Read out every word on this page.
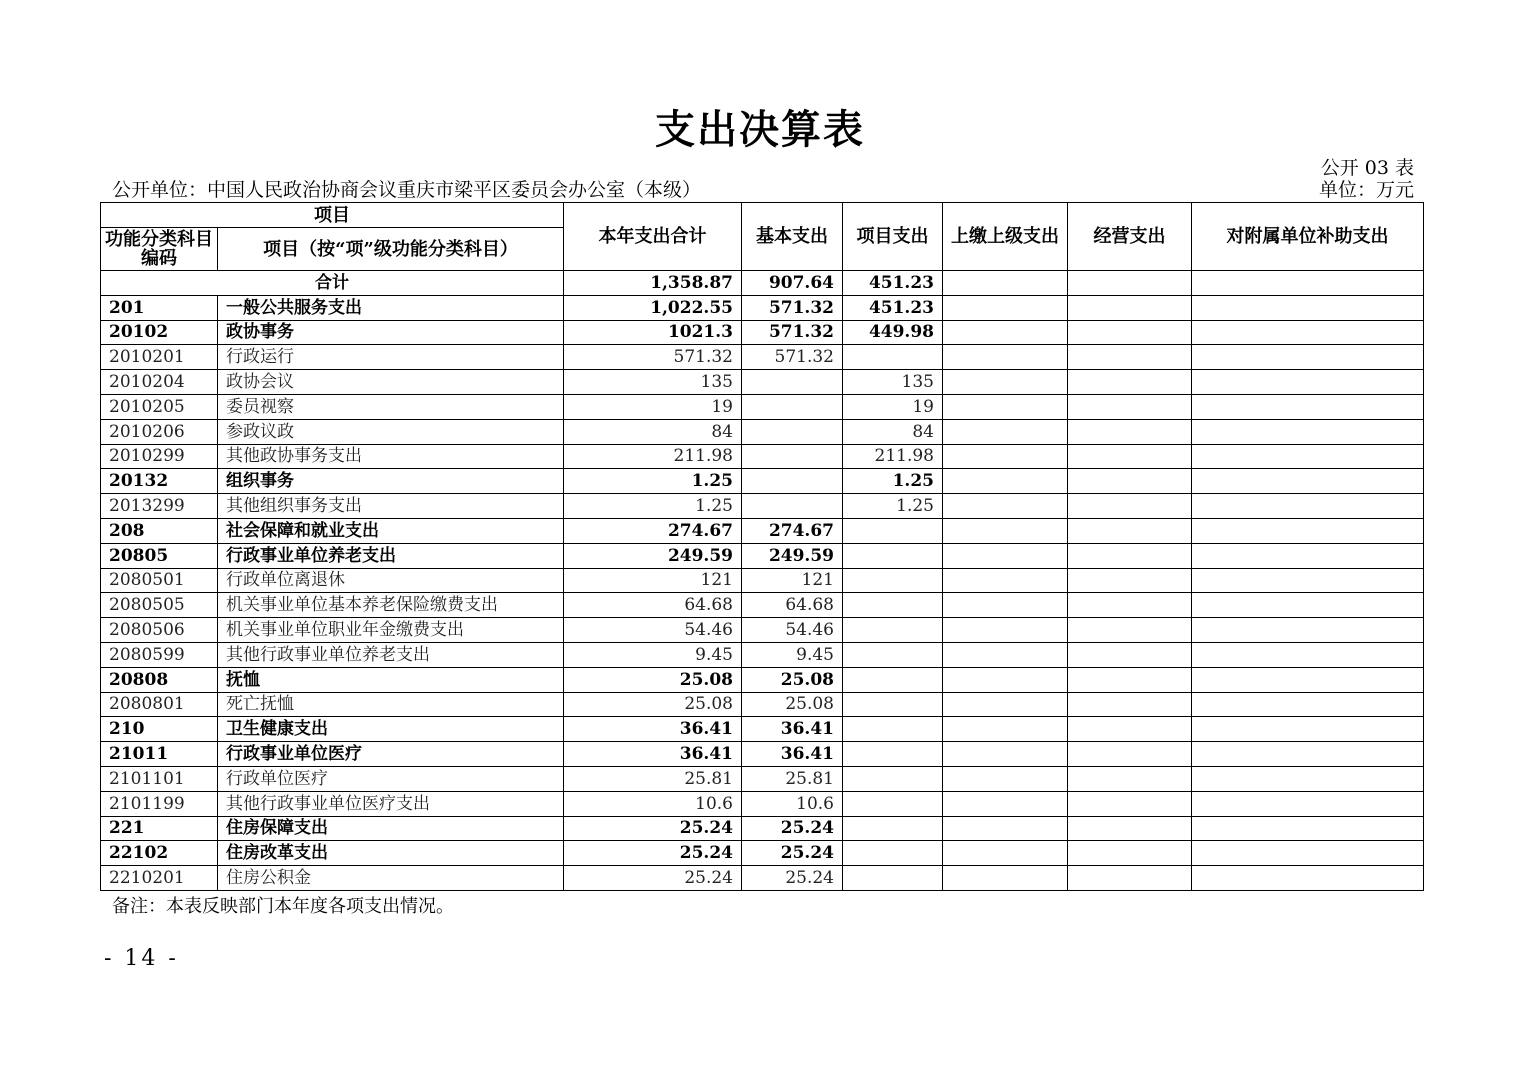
支出决算表
公开 03 表
公开单位：中国人民政治协商会议重庆市梁平区委员会办公室（本级）	单位：万元
项目		本年支出合计	基本支出	项目支出	上缴上级支出	经营支出	对附属单位补助支出
功能分类科目编码	项目（按“项”级功能分类科目）						
合计		1,358.87	907.64	451.23			
201	一般公共服务支出	1,022.55	571.32	451.23			
20102	政协事务	1021.3	571.32	449.98			
2010201	行政运行	571.32	571.32				
2010204	政协会议	135		135			
2010205	委员视察	19		19			
2010206	参政议政	84		84			
2010299	其他政协事务支出	211.98		211.98			
20132	组织事务	1.25		1.25			
2013299	其他组织事务支出	1.25		1.25			
208	社会保障和就业支出	274.67	274.67				
20805	行政事业单位养老支出	249.59	249.59				
2080501	行政单位离退休	121	121				
2080505	机关事业单位基本养老保险缴费支出	64.68	64.68				
2080506	机关事业单位职业年金缴费支出	54.46	54.46				
2080599	其他行政事业单位养老支出	9.45	9.45				
20808	抚恤	25.08	25.08				
2080801	死亡抚恤	25.08	25.08				
210	卫生健康支出	36.41	36.41				
21011	行政事业单位医疗	36.41	36.41				
2101101	行政单位医疗	25.81	25.81				
2101199	其他行政事业单位医疗支出	10.6	10.6				
221	住房保障支出	25.24	25.24				
22102	住房改革支出	25.24	25.24				
2210201	住房公积金	25.24	25.24				
备注：本表反映部门本年度各项支出情况。
- 14 -
